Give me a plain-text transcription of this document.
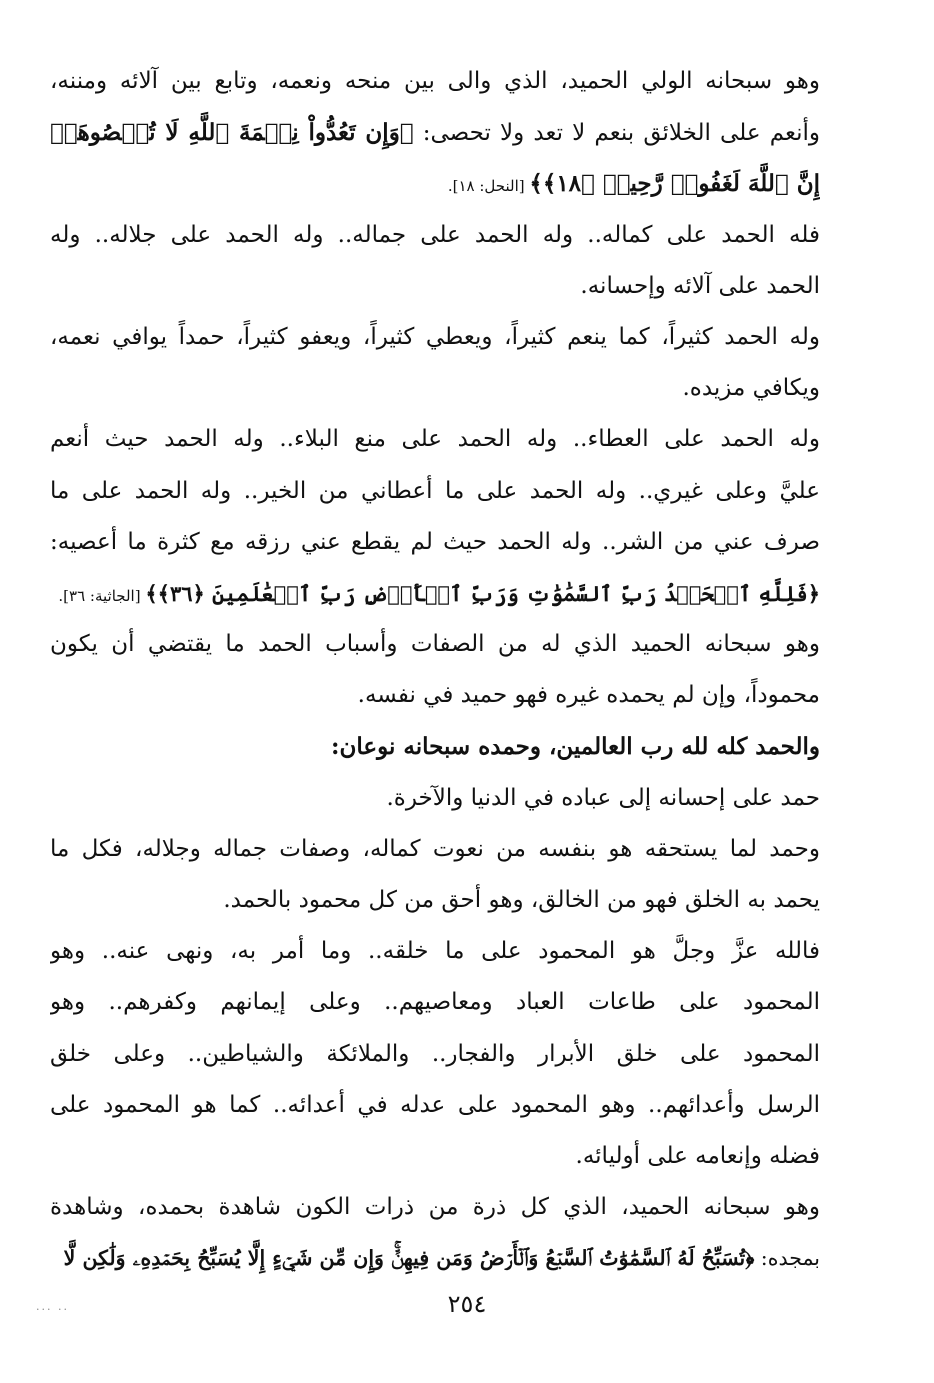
وهو سبحانه الولي الحميد، الذي والى بين منحه ونعمه، وتابع بين آلائه ومننه،
وأنعم على الخلائق بنعم لا تعد ولا تحصى: ﴿وَإِن تَعُدُّواْ نِعۡمَةَ ٱللَّهِ لَا تُحۡصُوهَآۗ
إِنَّ ٱللَّهَ لَغَفُورٞ رَّحِيمٞ ﴿١٨﴾﴾ [النحل: ١٨].

فله الحمد على كماله.. وله الحمد على جماله.. وله الحمد على جلاله.. وله
الحمد على آلائه وإحسانه.

وله الحمد كثيراً، كما ينعم كثيراً، ويعطي كثيراً، ويعفو كثيراً، حمداً يوافي نعمه،
ويكافي مزيده.

وله الحمد على العطاء.. وله الحمد على منع البلاء.. وله الحمد حيث أنعم
عليَّ وعلى غيري.. وله الحمد على ما أعطاني من الخير.. وله الحمد على ما
صرف عني من الشر.. وله الحمد حيث لم يقطع عني رزقه مع كثرة ما أعصيه:
﴿فَلِلَّهِ ٱلۡحَمۡدُ رَبِّ ٱلسَّمَٰوَٰتِ وَرَبِّ ٱلۡأَرۡضِ رَبِّ ٱلۡعَٰلَمِينَ ﴿٣٦﴾﴾ [الجاثية: ٣٦].

وهو سبحانه الحميد الذي له من الصفات وأسباب الحمد ما يقتضي أن يكون
محموداً، وإن لم يحمده غيره فهو حميد في نفسه.

والحمد كله لله رب العالمين، وحمده سبحانه نوعان:

حمد على إحسانه إلى عباده في الدنيا والآخرة.

وحمد لما يستحقه هو بنفسه من نعوت كماله، وصفات جماله وجلاله، فكل ما
يحمد به الخلق فهو من الخالق، وهو أحق من كل محمود بالحمد.

فالله عزَّ وجلَّ هو المحمود على ما خلقه.. وما أمر به، ونهى عنه.. وهو
المحمود على طاعات العباد ومعاصيهم.. وعلى إيمانهم وكفرهم.. وهو
المحمود على خلق الأبرار والفجار.. والملائكة والشياطين.. وعلى خلق
الرسل وأعدائهم.. وهو المحمود على عدله في أعدائه.. كما هو المحمود على
فضله وإنعامه على أوليائه.

وهو سبحانه الحميد، الذي كل ذرة من ذرات الكون شاهدة بحمده، وشاهدة
بمجده: ﴿تُسَبِّحُ لَهُ ٱلسَّمَٰوَٰتُ ٱلسَّبۡعُ وَٱلۡأَرۡضُ وَمَن فِيهِنَّۚ وَإِن مِّن شَيۡءٍ إِلَّا يُسَبِّحُ بِحَمۡدِهِۦ وَلَٰكِن لَّا

٢٥٤
... ..
